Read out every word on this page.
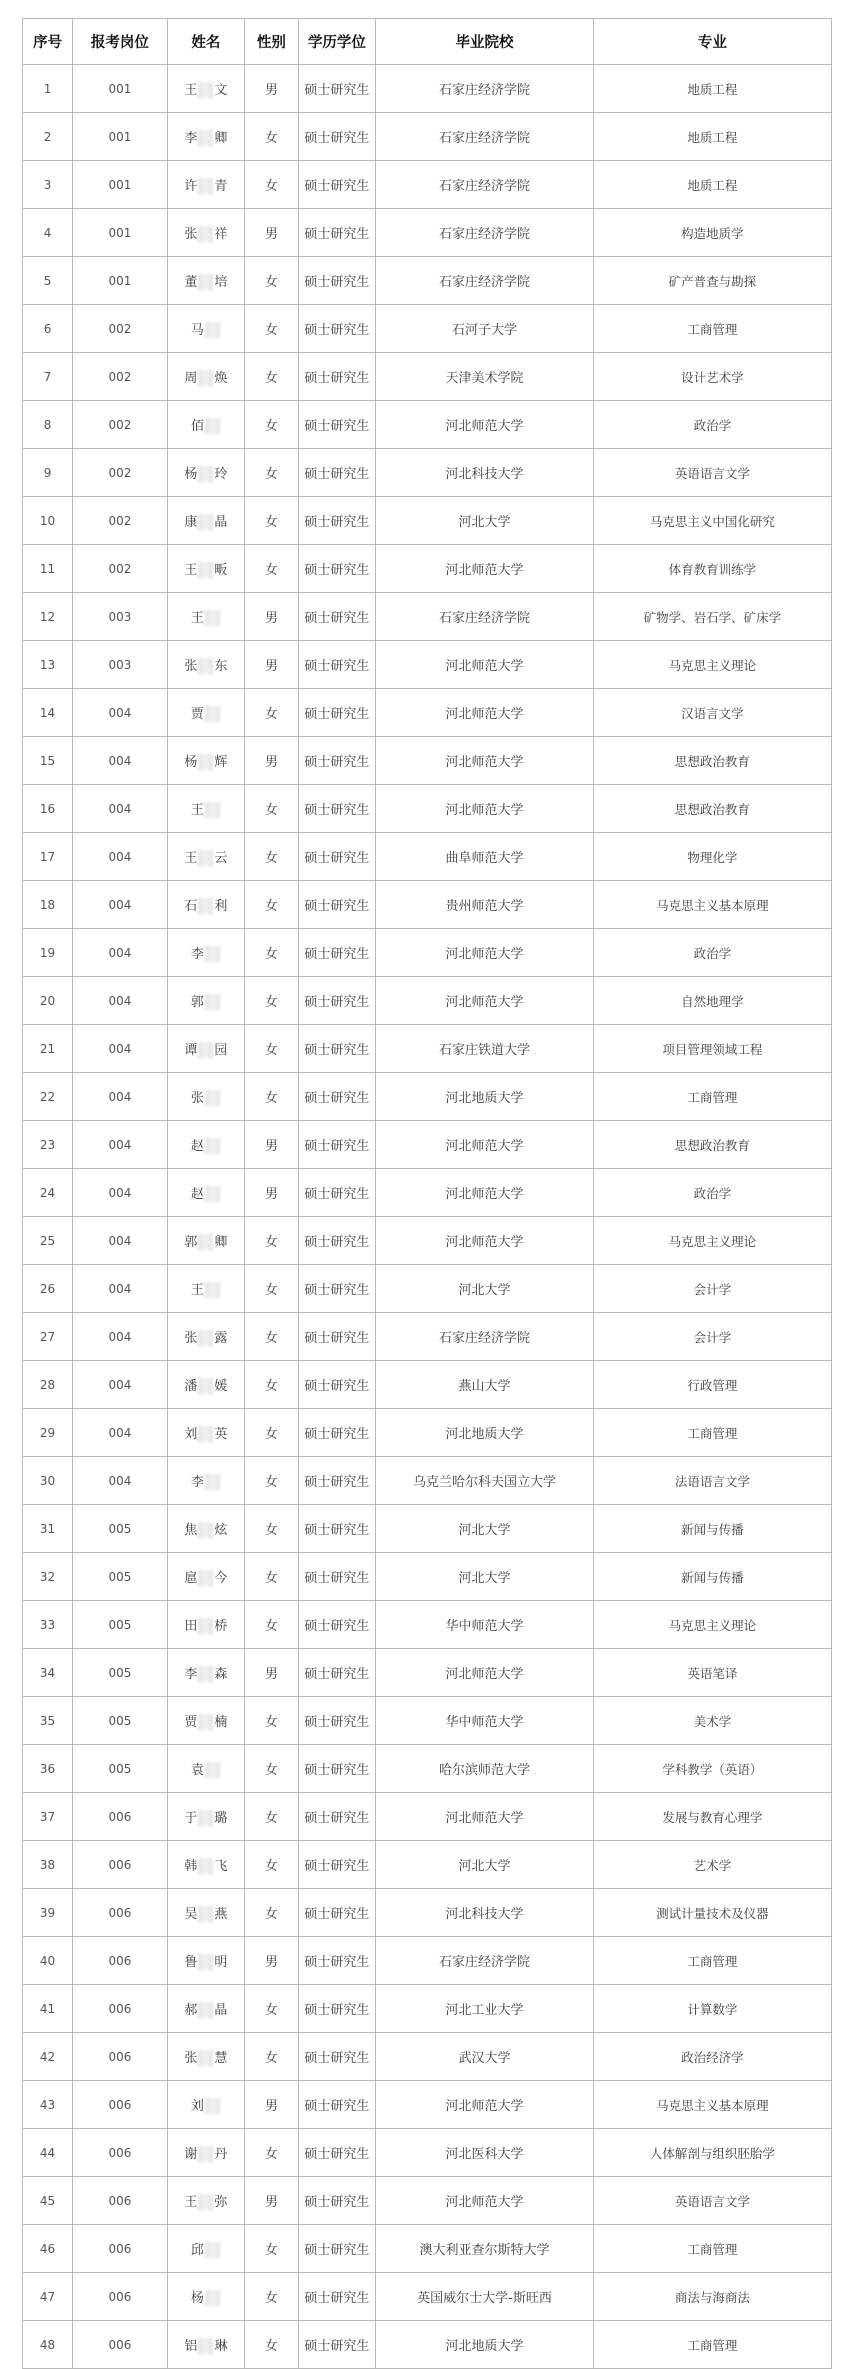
序号	报考岗位	姓名	性别	学历学位	毕业院校	专业
1	001	王 文	男	硕士研究生	石家庄经济学院	地质工程
2	001	李 卿	女	硕士研究生	石家庄经济学院	地质工程
3	001	许 青	女	硕士研究生	石家庄经济学院	地质工程
4	001	张 祥	男	硕士研究生	石家庄经济学院	构造地质学
5	001	董 培	女	硕士研究生	石家庄经济学院	矿产普查与勘探
6	002	马	女	硕士研究生	石河子大学	工商管理
7	002	周 焕	女	硕士研究生	天津美术学院	设计艺术学
8	002	佰	女	硕士研究生	河北师范大学	政治学
9	002	杨 玲	女	硕士研究生	河北科技大学	英语语言文学
10	002	康 晶	女	硕士研究生	河北大学	马克思主义中国化研究
11	002	王 畈	女	硕士研究生	河北师范大学	体育教育训练学
12	003	王	男	硕士研究生	石家庄经济学院	矿物学、岩石学、矿床学
13	003	张 东	男	硕士研究生	河北师范大学	马克思主义理论
14	004	贾	女	硕士研究生	河北师范大学	汉语言文学
15	004	杨 辉	男	硕士研究生	河北师范大学	思想政治教育
16	004	王	女	硕士研究生	河北师范大学	思想政治教育
17	004	王 云	女	硕士研究生	曲阜师范大学	物理化学
18	004	石 利	女	硕士研究生	贵州师范大学	马克思主义基本原理
19	004	李	女	硕士研究生	河北师范大学	政治学
20	004	郭	女	硕士研究生	河北师范大学	自然地理学
21	004	谭 园	女	硕士研究生	石家庄铁道大学	项目管理领域工程
22	004	张	女	硕士研究生	河北地质大学	工商管理
23	004	赵	男	硕士研究生	河北师范大学	思想政治教育
24	004	赵	男	硕士研究生	河北师范大学	政治学
25	004	郭 卿	女	硕士研究生	河北师范大学	马克思主义理论
26	004	王	女	硕士研究生	河北大学	会计学
27	004	张 露	女	硕士研究生	石家庄经济学院	会计学
28	004	潘 媛	女	硕士研究生	燕山大学	行政管理
29	004	刘 英	女	硕士研究生	河北地质大学	工商管理
30	004	李	女	硕士研究生	乌克兰哈尔科夫国立大学	法语语言文学
31	005	焦 炫	女	硕士研究生	河北大学	新闻与传播
32	005	扈 今	女	硕士研究生	河北大学	新闻与传播
33	005	田 桥	女	硕士研究生	华中师范大学	马克思主义理论
34	005	李 森	男	硕士研究生	河北师范大学	英语笔译
35	005	贾 楠	女	硕士研究生	华中师范大学	美术学
36	005	袁	女	硕士研究生	哈尔滨师范大学	学科教学（英语）
37	006	于 璐	女	硕士研究生	河北师范大学	发展与教育心理学
38	006	韩 飞	女	硕士研究生	河北大学	艺术学
39	006	吴 燕	女	硕士研究生	河北科技大学	测试计量技术及仪器
40	006	鲁 明	男	硕士研究生	石家庄经济学院	工商管理
41	006	郝 晶	女	硕士研究生	河北工业大学	计算数学
42	006	张 慧	女	硕士研究生	武汉大学	政治经济学
43	006	刘	男	硕士研究生	河北师范大学	马克思主义基本原理
44	006	谢 丹	女	硕士研究生	河北医科大学	人体解剖与组织胚胎学
45	006	王 弥	男	硕士研究生	河北师范大学	英语语言文学
46	006	邱	女	硕士研究生	澳大利亚查尔斯特大学	工商管理
47	006	杨	女	硕士研究生	英国威尔士大学-斯旺西	商法与海商法
48	006	铝 琳	女	硕士研究生	河北地质大学	工商管理
